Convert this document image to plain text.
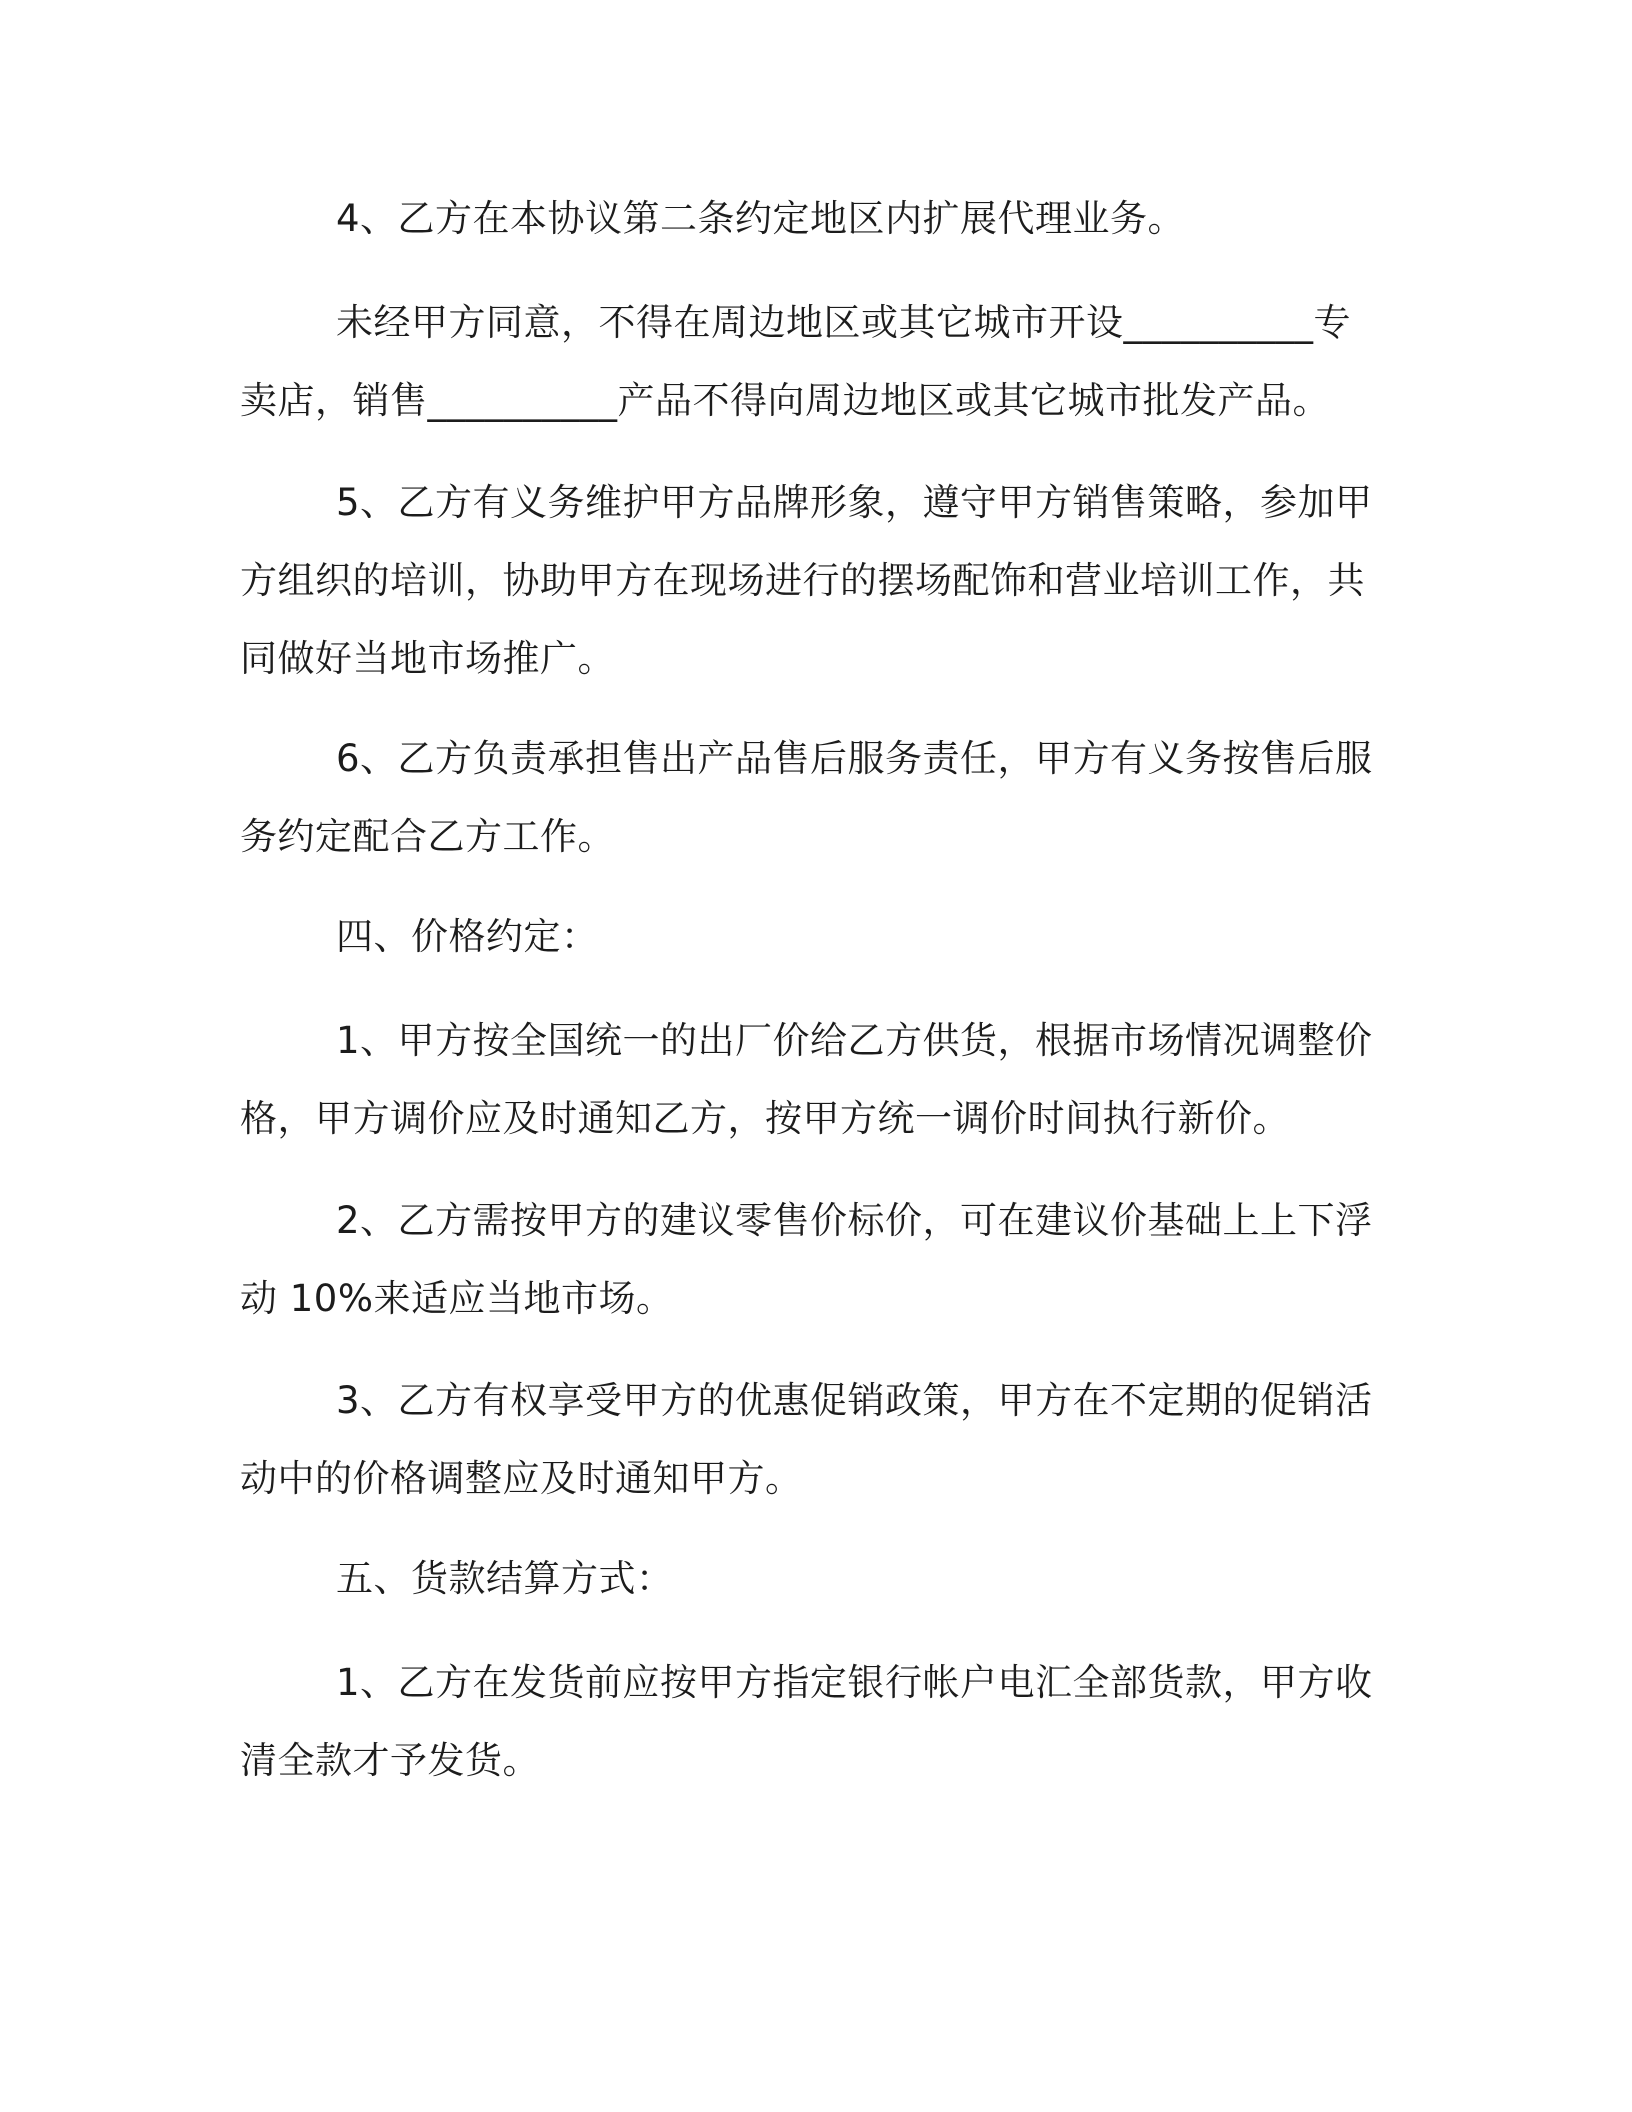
4、乙方在本协议第二条约定地区内扩展代理业务。

未经甲方同意，不得在周边地区或其它城市开设__________专
卖店，销售__________产品不得向周边地区或其它城市批发产品。

5、乙方有义务维护甲方品牌形象，遵守甲方销售策略，参加甲
方组织的培训，协助甲方在现场进行的摆场配饰和营业培训工作，共
同做好当地市场推广。

6、乙方负责承担售出产品售后服务责任，甲方有义务按售后服
务约定配合乙方工作。

四、价格约定：

1、甲方按全国统一的出厂价给乙方供货，根据市场情况调整价
格，甲方调价应及时通知乙方，按甲方统一调价时间执行新价。

2、乙方需按甲方的建议零售价标价，可在建议价基础上上下浮
动 10%来适应当地市场。

3、乙方有权享受甲方的优惠促销政策，甲方在不定期的促销活
动中的价格调整应及时通知甲方。

五、货款结算方式：

1、乙方在发货前应按甲方指定银行帐户电汇全部货款，甲方收
清全款才予发货。
